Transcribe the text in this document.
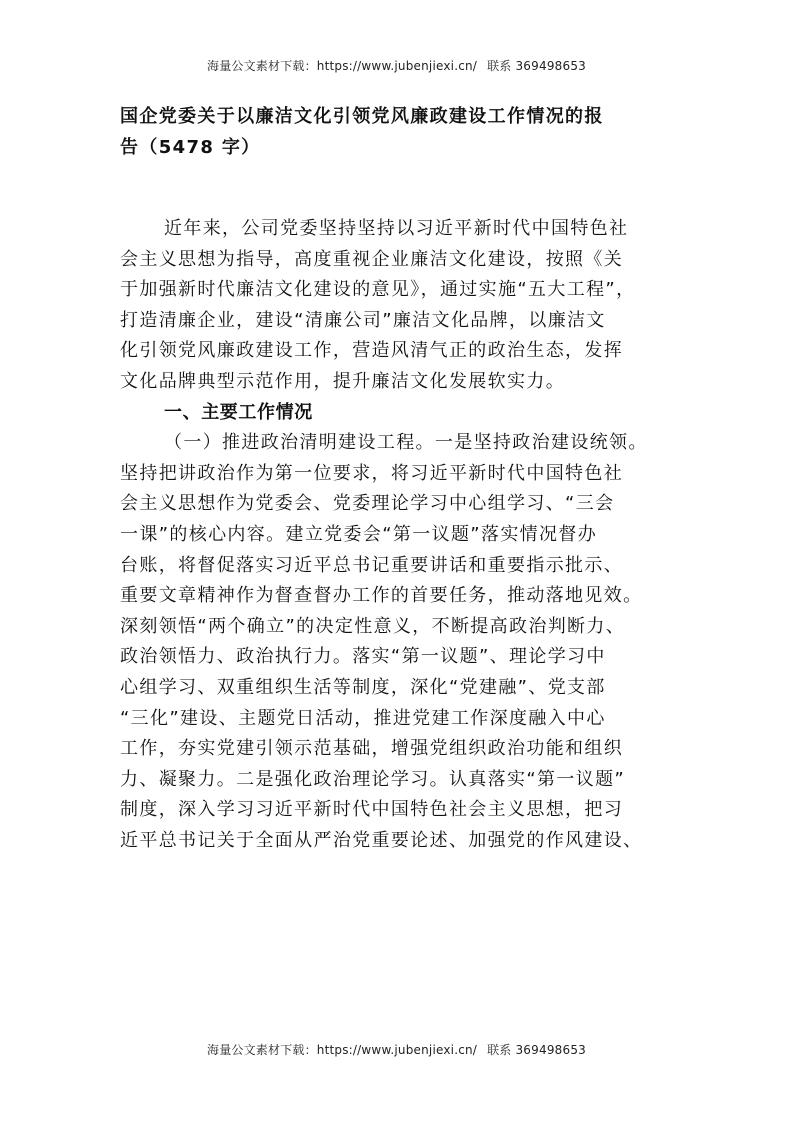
海量公文素材下载：https://www.jubenjiexi.cn/ 联系 369498653
国企党委关于以廉洁文化引领党风廉政建设工作情况的报
告（5478 字）
近年来，公司党委坚持坚持以习近平新时代中国特色社
会主义思想为指导，高度重视企业廉洁文化建设，按照《关
于加强新时代廉洁文化建设的意见》，通过实施“五大工程”，
打造清廉企业，建设“清廉公司”廉洁文化品牌，以廉洁文
化引领党风廉政建设工作，营造风清气正的政治生态，发挥
文化品牌典型示范作用，提升廉洁文化发展软实力。
一、主要工作情况
（一）推进政治清明建设工程。一是坚持政治建设统领。
坚持把讲政治作为第一位要求，将习近平新时代中国特色社
会主义思想作为党委会、党委理论学习中心组学习、“三会
一课”的核心内容。建立党委会“第一议题”落实情况督办
台账，将督促落实习近平总书记重要讲话和重要指示批示、
重要文章精神作为督查督办工作的首要任务，推动落地见效。
深刻领悟“两个确立”的决定性意义，不断提高政治判断力、
政治领悟力、政治执行力。落实“第一议题”、理论学习中
心组学习、双重组织生活等制度，深化“党建融”、党支部
“三化”建设、主题党日活动，推进党建工作深度融入中心
工作，夯实党建引领示范基础，增强党组织政治功能和组织
力、凝聚力。二是强化政治理论学习。认真落实“第一议题”
制度，深入学习习近平新时代中国特色社会主义思想，把习
近平总书记关于全面从严治党重要论述、加强党的作风建设、
海量公文素材下载：https://www.jubenjiexi.cn/ 联系 369498653
